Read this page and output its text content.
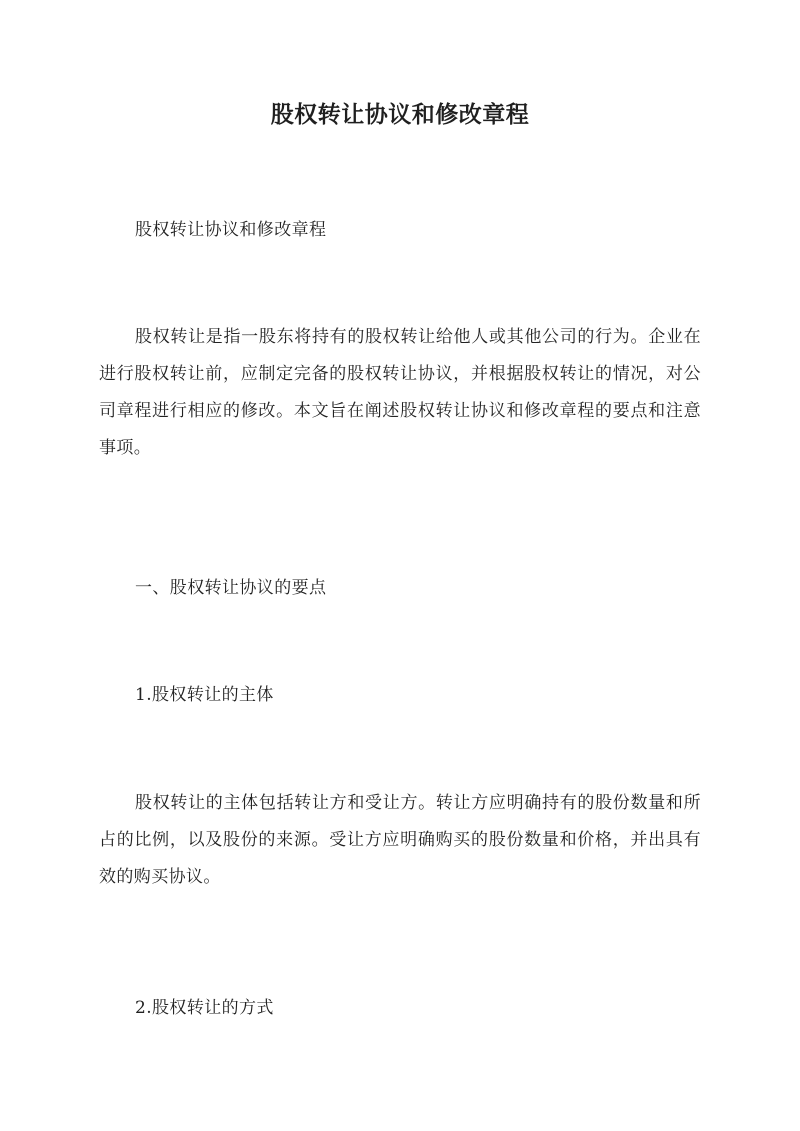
股权转让协议和修改章程
股权转让协议和修改章程
股权转让是指一股东将持有的股权转让给他人或其他公司的行为。企业在进行股权转让前，应制定完备的股权转让协议，并根据股权转让的情况，对公司章程进行相应的修改。本文旨在阐述股权转让协议和修改章程的要点和注意事项。
一、股权转让协议的要点
1.股权转让的主体
股权转让的主体包括转让方和受让方。转让方应明确持有的股份数量和所占的比例，以及股份的来源。受让方应明确购买的股份数量和价格，并出具有效的购买协议。
2.股权转让的方式
